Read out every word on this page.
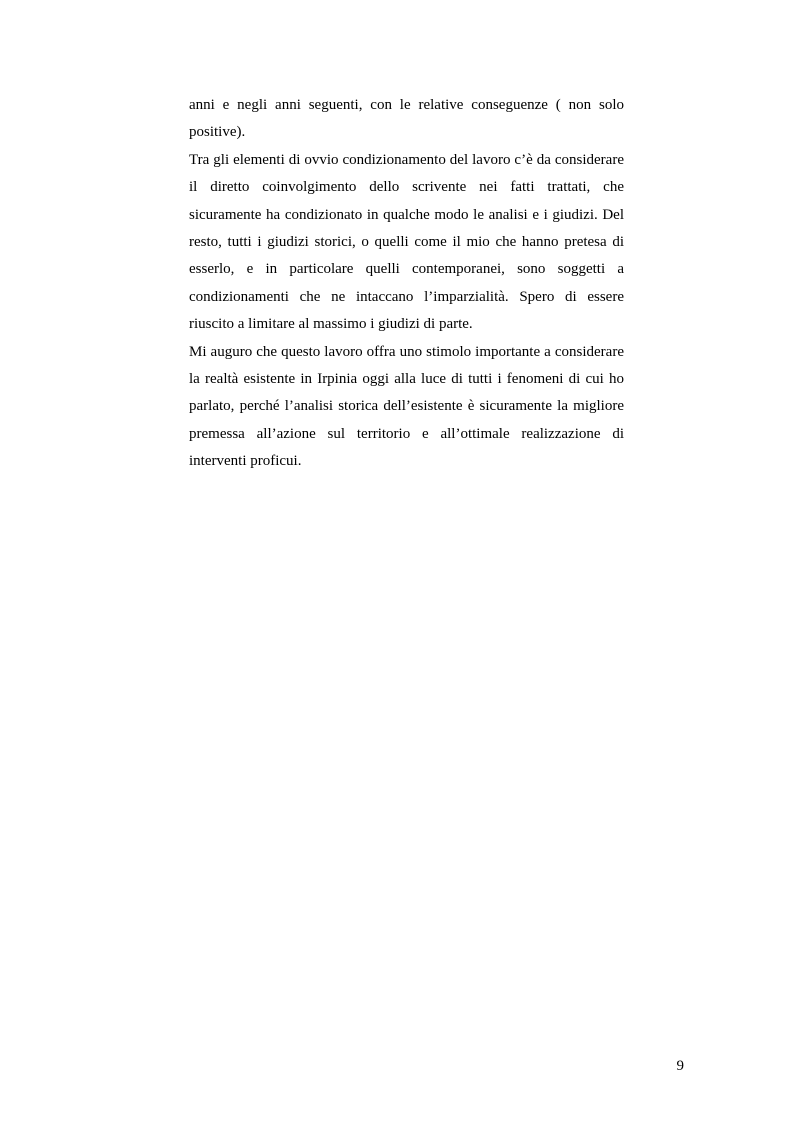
anni e negli anni seguenti, con le relative conseguenze ( non solo positive).

Tra gli elementi di ovvio condizionamento del lavoro c’è da considerare il diretto coinvolgimento dello scrivente nei fatti trattati, che sicuramente ha condizionato in qualche modo le analisi e i giudizi. Del resto, tutti i giudizi storici, o quelli come il mio che hanno pretesa di esserlo, e in particolare quelli contemporanei, sono soggetti a condizionamenti che ne intaccano l’imparzialità. Spero di essere riuscito a limitare al massimo i giudizi di parte.

Mi auguro che questo lavoro offra uno stimolo importante a considerare la realtà esistente in Irpinia oggi alla luce di tutti i fenomeni di cui ho parlato, perché l’analisi storica dell’esistente è sicuramente la migliore premessa all’azione sul territorio e all’ottimale realizzazione di interventi proficui.

9
